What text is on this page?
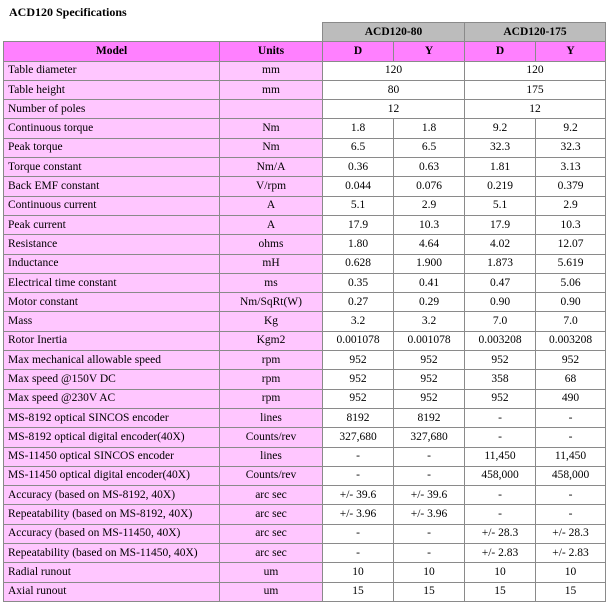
ACD120 Specifications
		ACD120-80		ACD120-175	
Model	Units	D	Y	D	Y
Table diameter	mm	120		120	
Table height	mm	80		175	
Number of poles		12		12	
Continuous torque	Nm	1.8	1.8	9.2	9.2
Peak torque	Nm	6.5	6.5	32.3	32.3
Torque constant	Nm/A	0.36	0.63	1.81	3.13
Back EMF constant	V/rpm	0.044	0.076	0.219	0.379
Continuous current	A	5.1	2.9	5.1	2.9
Peak current	A	17.9	10.3	17.9	10.3
Resistance	ohms	1.80	4.64	4.02	12.07
Inductance	mH	0.628	1.900	1.873	5.619
Electrical time constant	ms	0.35	0.41	0.47	5.06
Motor constant	Nm/SqRt(W)	0.27	0.29	0.90	0.90
Mass	Kg	3.2	3.2	7.0	7.0
Rotor Inertia	Kgm2	0.001078	0.001078	0.003208	0.003208
Max mechanical allowable speed	rpm	952	952	952	952
Max speed @150V DC	rpm	952	952	358	68
Max speed @230V AC	rpm	952	952	952	490
MS-8192 optical SINCOS encoder	lines	8192	8192	-	-
MS-8192 optical digital encoder(40X)	Counts/rev	327,680	327,680	-	-
MS-11450 optical SINCOS encoder	lines	-	-	11,450	11,450
MS-11450 optical digital encoder(40X)	Counts/rev	-	-	458,000	458,000
Accuracy (based on MS-8192, 40X)	arc sec	+/- 39.6	+/- 39.6	-	-
Repeatability (based on MS-8192, 40X)	arc sec	+/- 3.96	+/- 3.96	-	-
Accuracy (based on MS-11450, 40X)	arc sec	-	-	+/- 28.3	+/- 28.3
Repeatability (based on MS-11450, 40X)	arc sec	-	-	+/- 2.83	+/- 2.83
Radial runout	um	10	10	10	10
Axial runout	um	15	15	15	15
